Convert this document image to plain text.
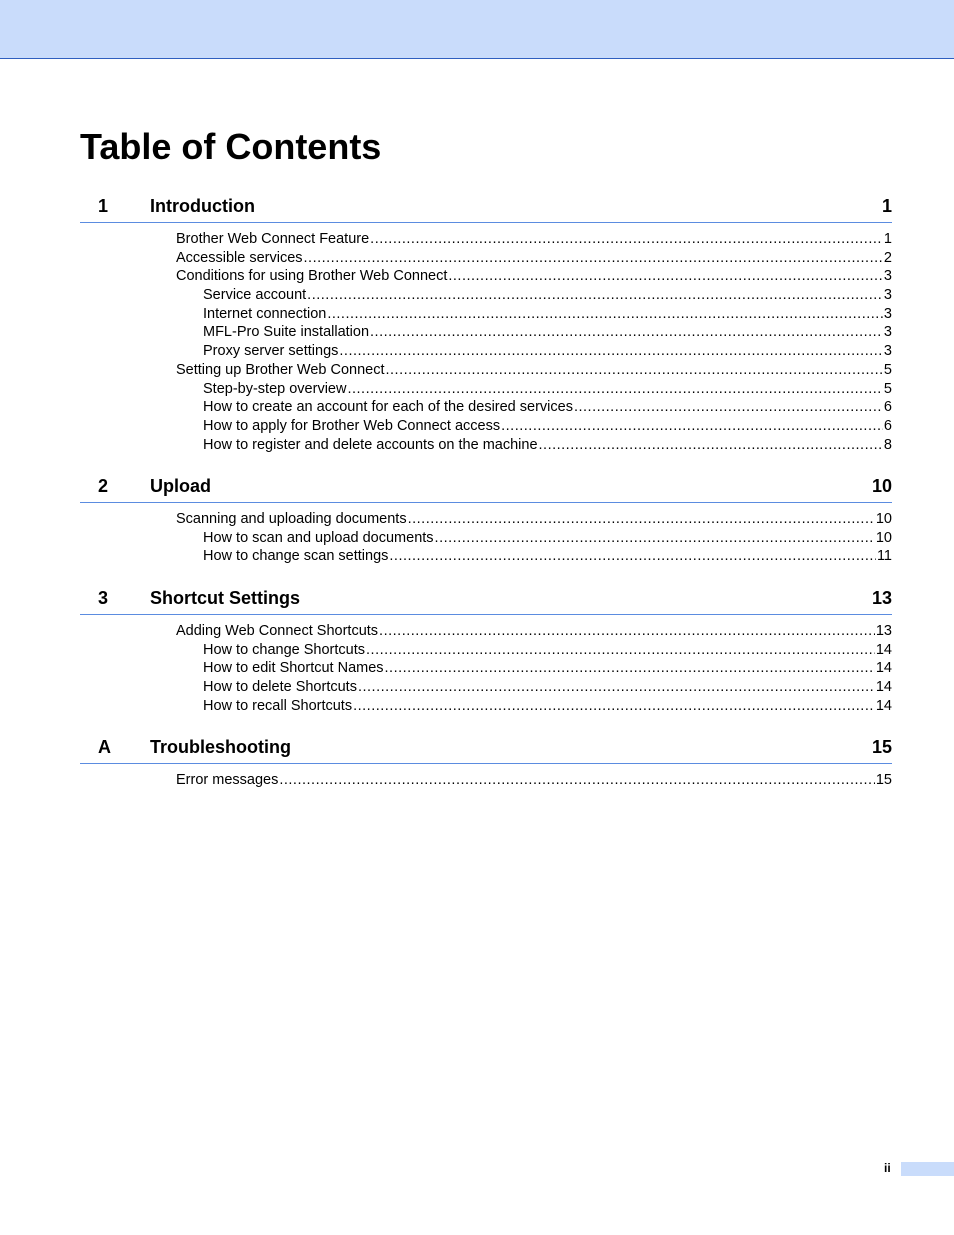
Table of Contents
1 Introduction	1
Brother Web Connect Feature .....	1
Accessible services .....	2
Conditions for using Brother Web Connect .....	3
Service account .....	3
Internet connection .....	3
MFL-Pro Suite installation .....	3
Proxy server settings .....	3
Setting up Brother Web Connect .....	5
Step-by-step overview .....	5
How to create an account for each of the desired services .....	6
How to apply for Brother Web Connect access .....	6
How to register and delete accounts on the machine .....	8
2 Upload	10
Scanning and uploading documents .....	10
How to scan and upload documents .....	10
How to change scan settings .....	11
3 Shortcut Settings	13
Adding Web Connect Shortcuts .....	13
How to change Shortcuts .....	14
How to edit Shortcut Names .....	14
How to delete Shortcuts .....	14
How to recall Shortcuts .....	14
A Troubleshooting	15
Error messages .....	15
ii
